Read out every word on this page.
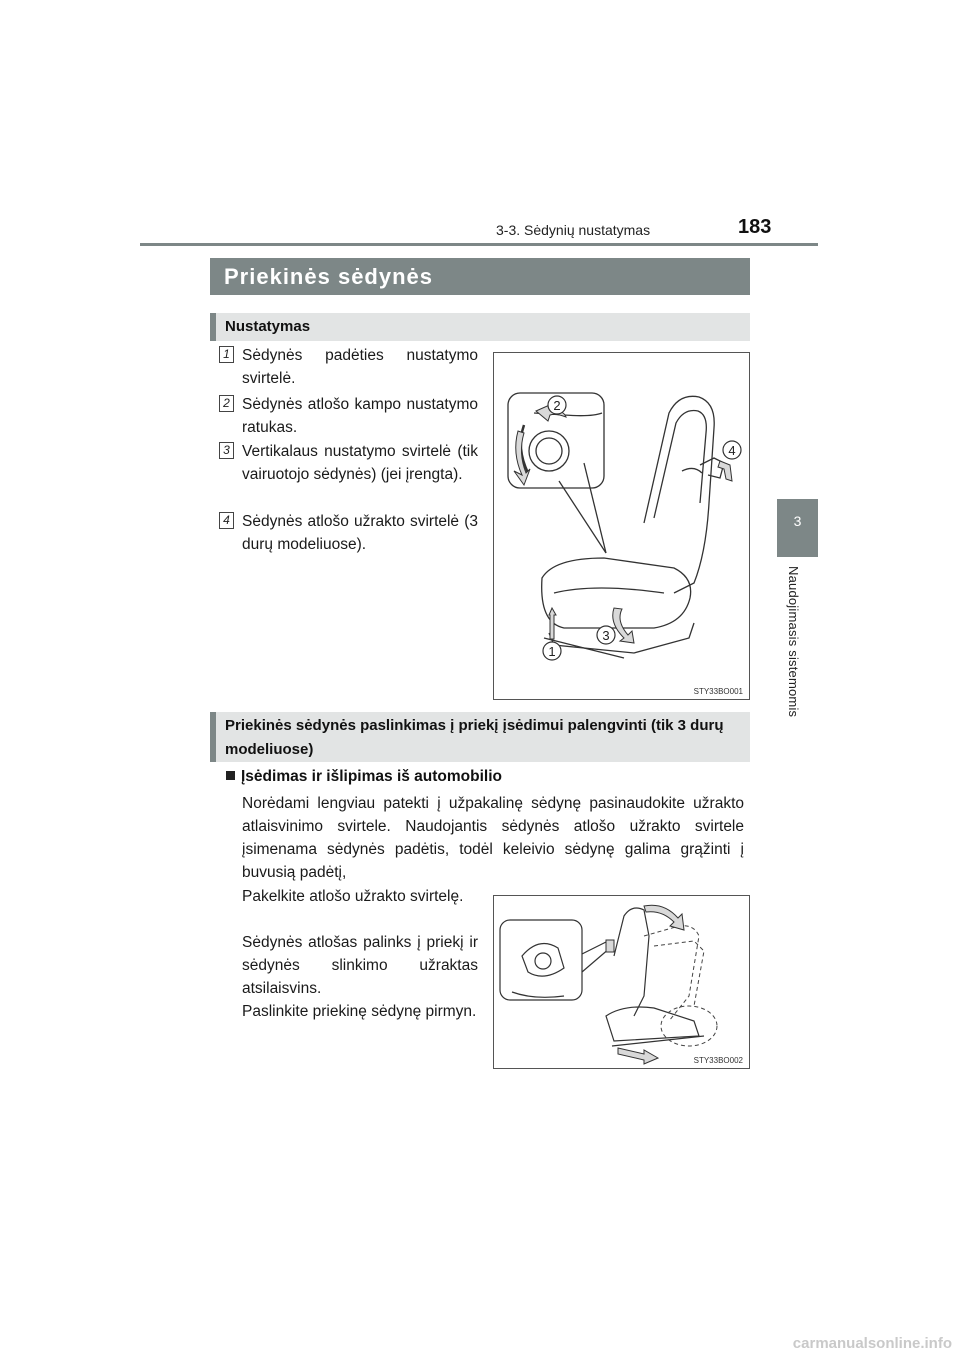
3-3. Sėdynių nustatymas	183
3
Naudojimasis sistemomis
Priekinės sėdynės
Nustatymas
1 Sėdynės padėties nustatymo svirtelė.
2 Sėdynės atlošo kampo nustatymo ratukas.
3 Vertikalaus nustatymo svirtelė (tik vairuotojo sėdynės) (jei įrengta).
4 Sėdynės atlošo užrakto svirtelė (3 durų modeliuose).
2
4
3
1
STY33BO001
Priekinės sėdynės paslinkimas į priekį įsėdimui palengvinti (tik 3 durų modeliuose)
Įsėdimas ir išlipimas iš automobilio
Norėdami lengviau patekti į užpakalinę sėdynę pasinaudokite užrakto atlaisvinimo svirtele. Naudojantis sėdynės atlošo užrakto svirtele įsimenama sėdynės padėtis, todėl keleivio sėdynę galima grąžinti į buvusią padėtį,
Pakelkite atlošo užrakto svirtelę.
Sėdynės atlošas palinks į priekį ir sėdynės slinkimo užraktas atsilaisvins.
Paslinkite priekinę sėdynę pirmyn.
STY33BO002
carmanualsonline.info
